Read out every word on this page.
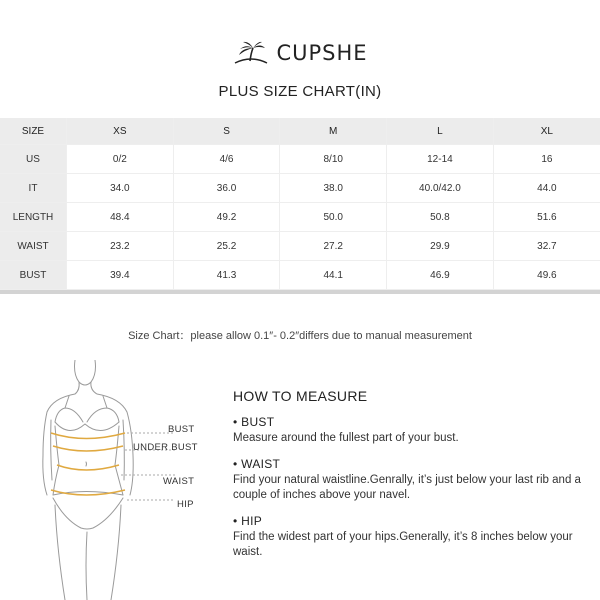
CUPSHE
PLUS SIZE CHART(IN)
SIZE	XS	S	M	L	XL
US	0/2	4/6	8/10	12-14	16
IT	34.0	36.0	38.0	40.0/42.0	44.0
LENGTH	48.4	49.2	50.0	50.8	51.6
WAIST	23.2	25.2	27.2	29.9	32.7
BUST	39.4	41.3	44.1	46.9	49.6
Size Chart：please allow 0.1″- 0.2″differs due to manual measurement
BUST
UNDER BUST
WAIST
HIP
HOW TO MEASURE
• BUST
Measure around the fullest part of your bust.
• WAIST
Find your natural waistline.Genrally, it’s just below your last rib and a couple of inches above your navel.
• HIP
Find the widest part of your hips.Generally, it’s 8 inches below your waist.
